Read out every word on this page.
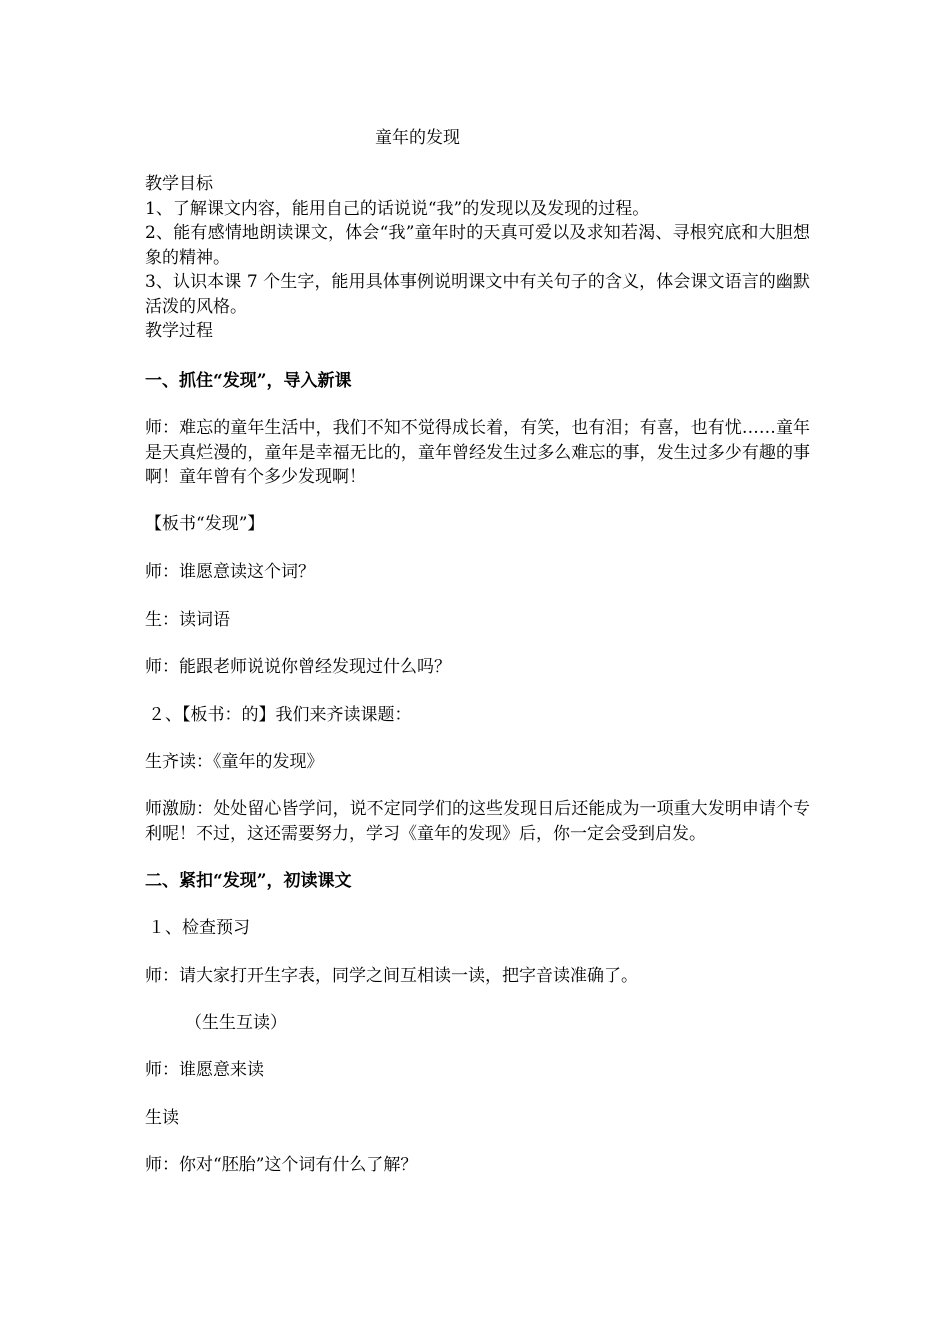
童年的发现

教学目标

1、了解课文内容，能用自己的话说说“我”的发现以及发现的过程。

2、能有感情地朗读课文，体会“我”童年时的天真可爱以及求知若渴、寻根究底和大胆想象的精神。

3、认识本课 7 个生字，能用具体事例说明课文中有关句子的含义，体会课文语言的幽默活泼的风格。

教学过程

一、抓住“发现”，导入新课

师：难忘的童年生活中，我们不知不觉得成长着，有笑，也有泪；有喜，也有忧……童年是天真烂漫的，童年是幸福无比的，童年曾经发生过多么难忘的事，发生过多少有趣的事啊！童年曾有个多少发现啊！

【板书“发现”】

师：谁愿意读这个词？

生：读词语

师：能跟老师说说你曾经发现过什么吗？

２、【板书：的】我们来齐读课题：

生齐读：《童年的发现》

师激励：处处留心皆学问，说不定同学们的这些发现日后还能成为一项重大发明申请个专利呢！不过，这还需要努力，学习《童年的发现》后，你一定会受到启发。

二、紧扣“发现”，初读课文

１、检查预习

师：请大家打开生字表，同学之间互相读一读，把字音读准确了。

（生生互读）

师：谁愿意来读

生读

师：你对“胚胎”这个词有什么了解？
